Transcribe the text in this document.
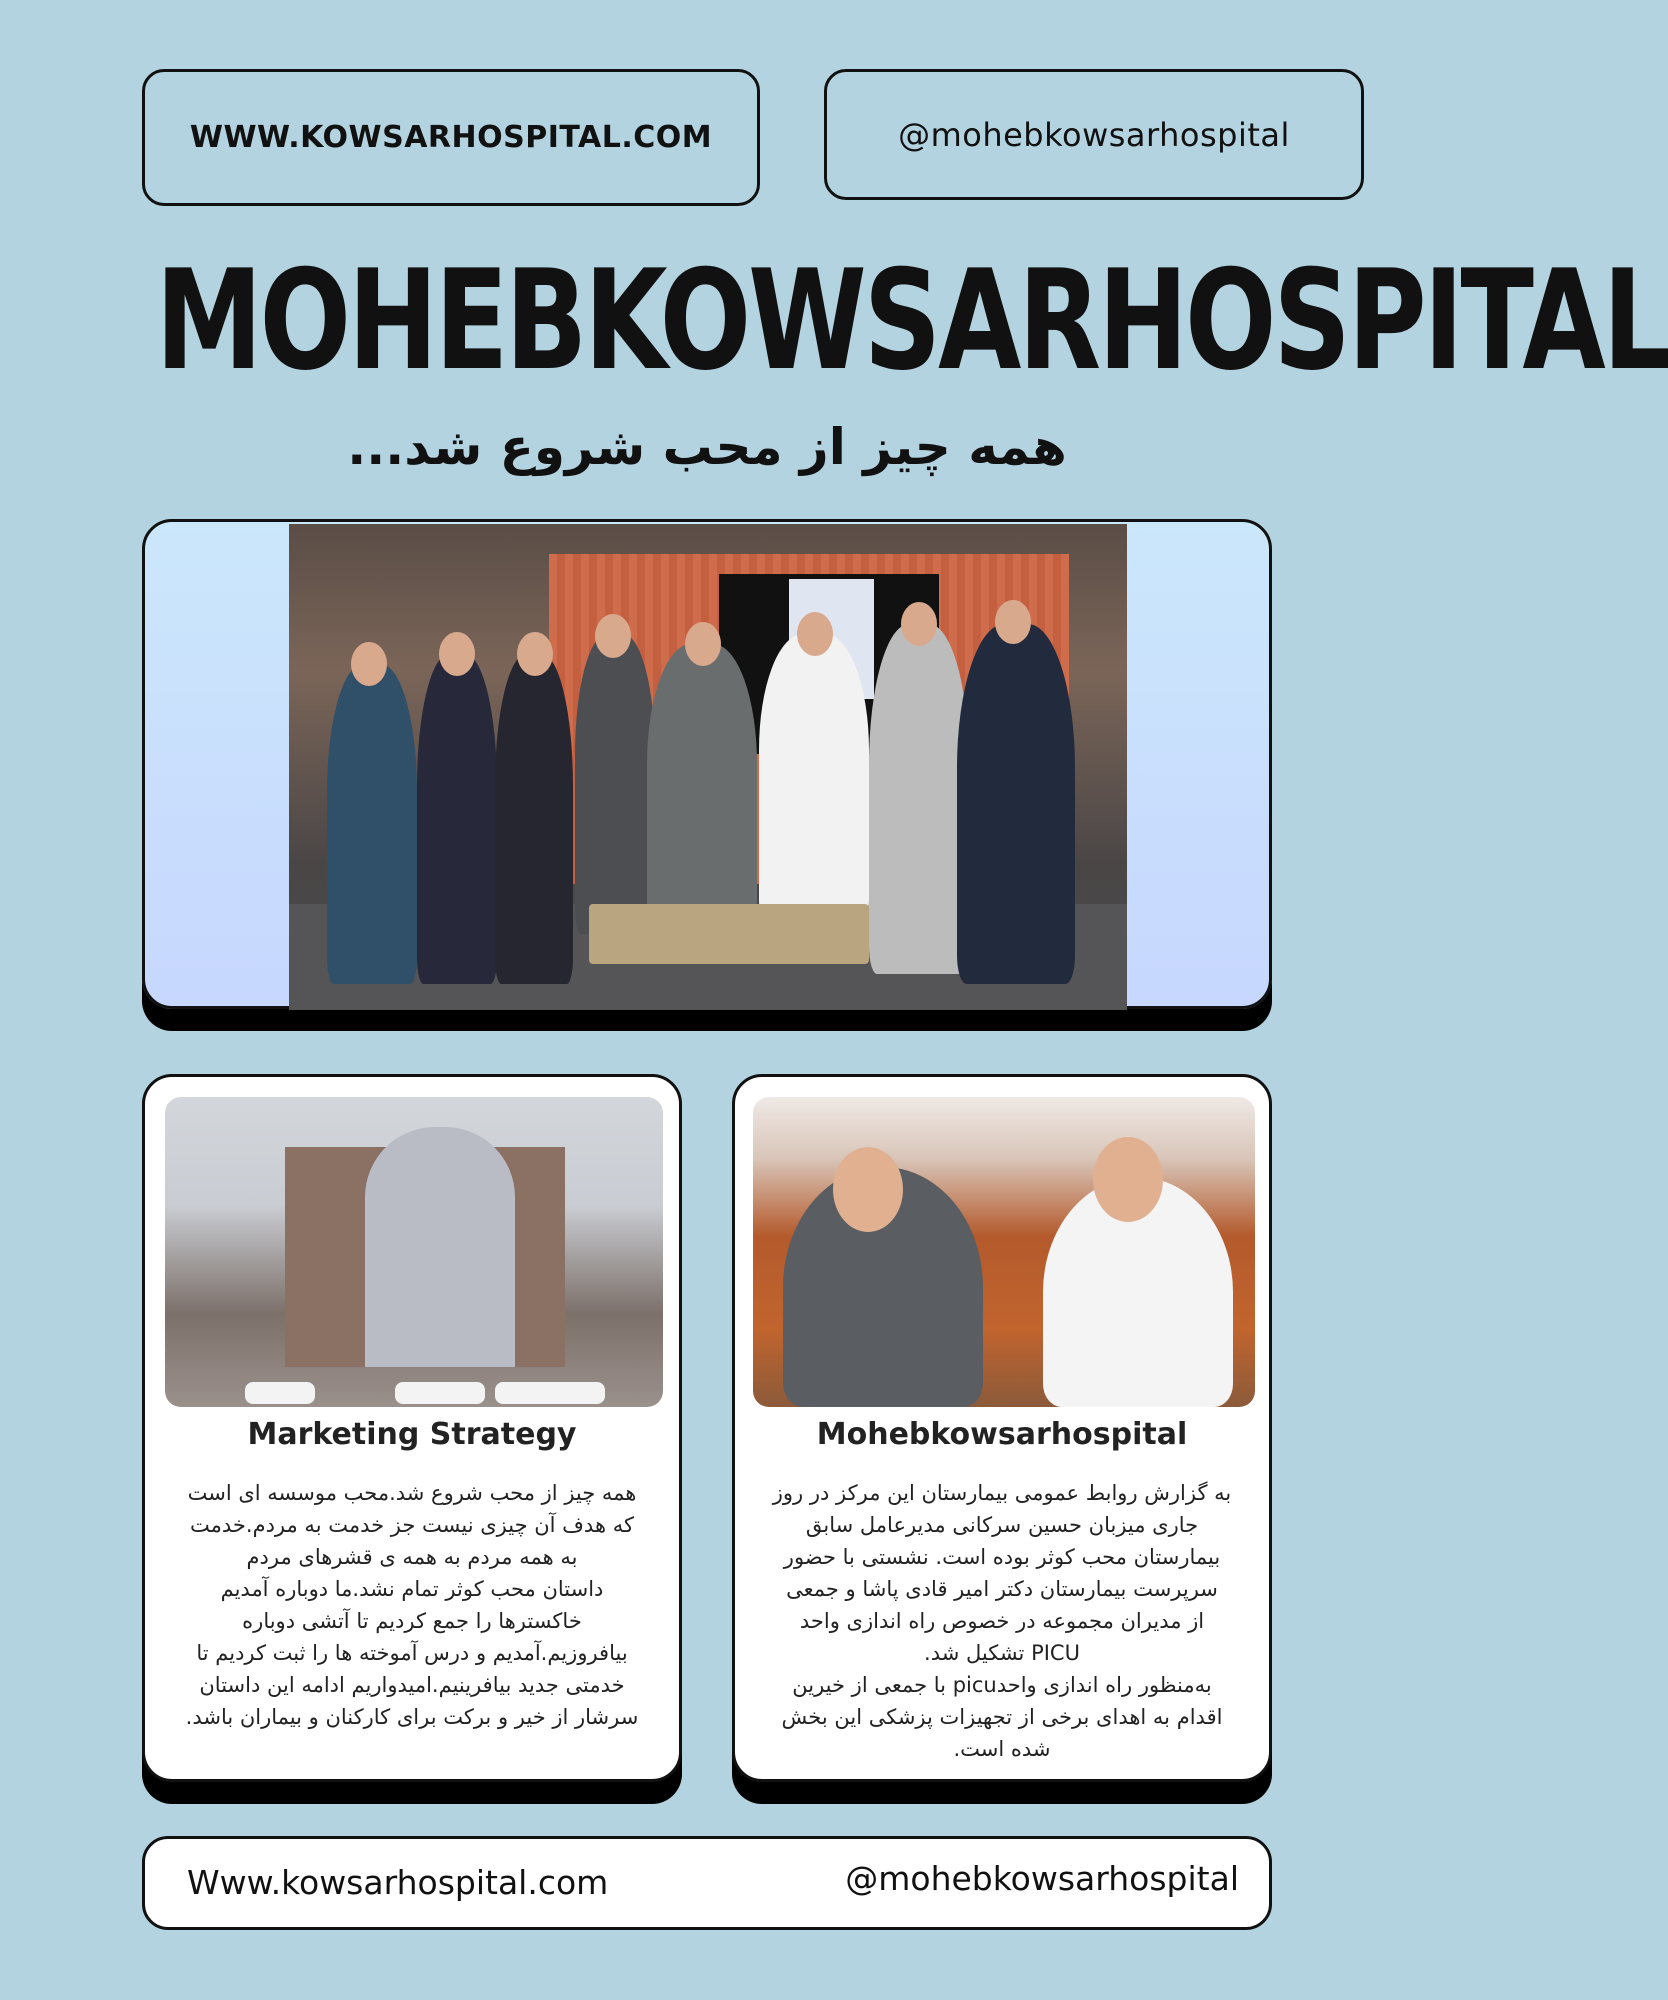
WWW.KOWSARHOSPITAL.COM	@mohebkowsarhospital
MOHEBKOWSARHOSPITAL
همه چیز از محب شروع شد...
Marketing Strategy
همه چیز از محب شروع شد.محب موسسه ای است
که هدف آن چیزی نیست جز خدمت به مردم.خدمت
به همه مردم به همه ی قشرهای مردم
داستان محب کوثر تمام نشد.ما دوباره آمدیم
خاکسترها را جمع کردیم تا آتشی دوباره
بیافروزیم.آمدیم و درس آموخته ها را ثبت کردیم تا
خدمتی جدید بیافرینیم.امیدواریم ادامه این داستان
سرشار از خیر و برکت برای کارکنان و بیماران باشد.
Mohebkowsarhospital
به گزارش روابط عمومی بیمارستان این مرکز در روز
جاری میزبان حسین سرکانی مدیرعامل سابق
بیمارستان محب کوثر بوده است. نشستی با حضور
سرپرست بیمارستان دکتر امیر قادی پاشا و جمعی
از مدیران مجموعه در خصوص راه اندازی واحد
PICU تشکیل شد.
به‌منظور راه اندازی واحدpicu با جمعی از خیرین
اقدام به اهدای برخی از تجهیزات پزشکی این بخش
شده است.
Www.kowsarhospital.com	@mohebkowsarhospital
